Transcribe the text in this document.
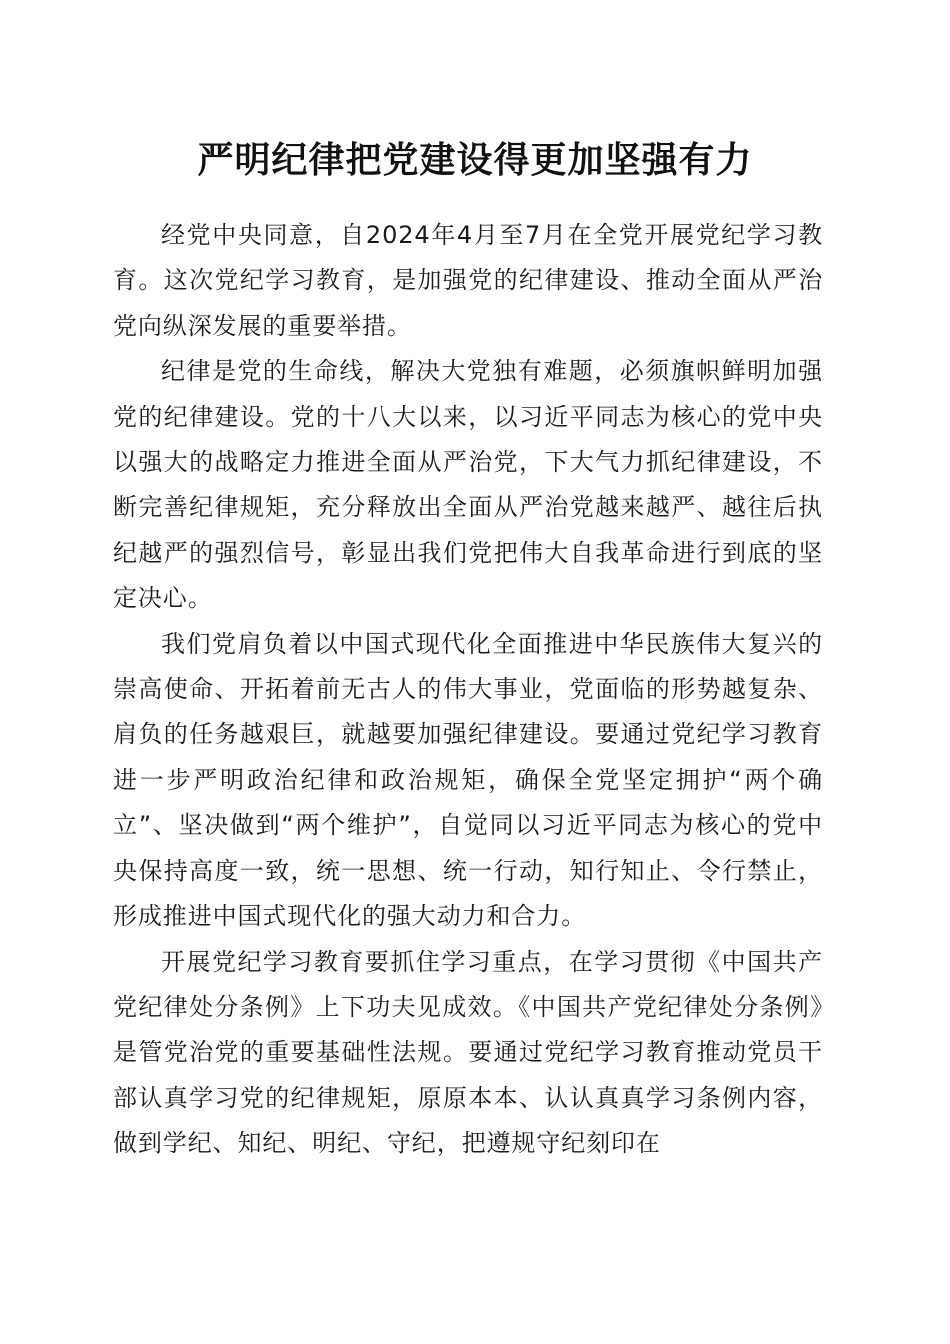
严明纪律把党建设得更加坚强有力

经党中央同意，自2024年4月至7月在全党开展党纪学习教育。这次党纪学习教育，是加强党的纪律建设、推动全面从严治党向纵深发展的重要举措。

纪律是党的生命线，解决大党独有难题，必须旗帜鲜明加强党的纪律建设。党的十八大以来，以习近平同志为核心的党中央以强大的战略定力推进全面从严治党，下大气力抓纪律建设，不断完善纪律规矩，充分释放出全面从严治党越来越严、越往后执纪越严的强烈信号，彰显出我们党把伟大自我革命进行到底的坚定决心。

我们党肩负着以中国式现代化全面推进中华民族伟大复兴的崇高使命、开拓着前无古人的伟大事业，党面临的形势越复杂、肩负的任务越艰巨，就越要加强纪律建设。要通过党纪学习教育进一步严明政治纪律和政治规矩，确保全党坚定拥护“两个确立”、坚决做到“两个维护”，自觉同以习近平同志为核心的党中央保持高度一致，统一思想、统一行动，知行知止、令行禁止，形成推进中国式现代化的强大动力和合力。

开展党纪学习教育要抓住学习重点，在学习贯彻《中国共产党纪律处分条例》上下功夫见成效。《中国共产党纪律处分条例》是管党治党的重要基础性法规。要通过党纪学习教育推动党员干部认真学习党的纪律规矩，原原本本、认认真真学习条例内容，做到学纪、知纪、明纪、守纪，把遵规守纪刻印在
